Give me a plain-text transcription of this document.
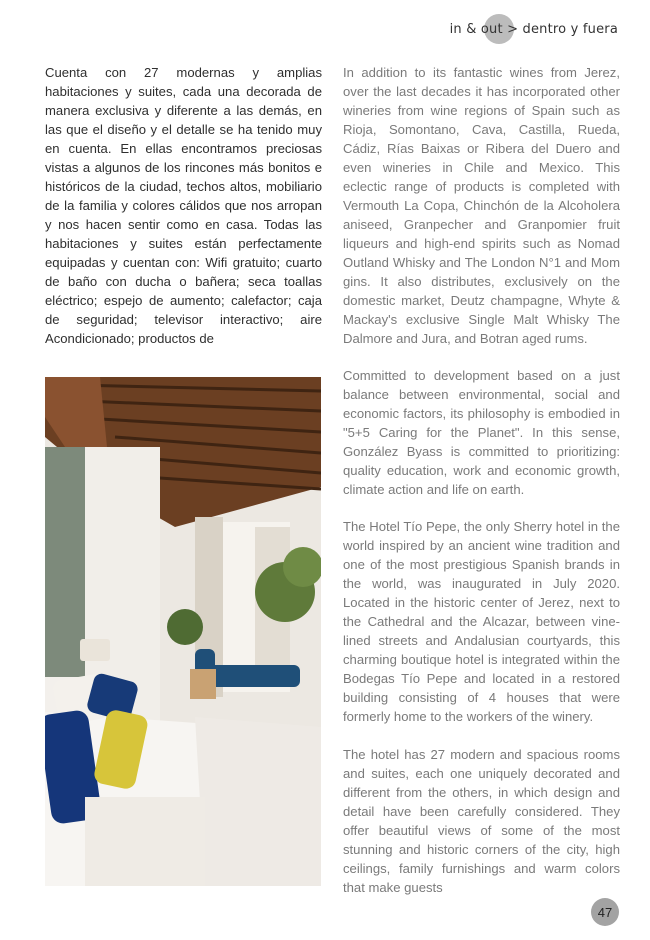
in & out > dentro y fuera

Cuenta con 27 modernas y amplias habitaciones y suites, cada una decorada de manera exclusiva y diferente a las demás, en las que el diseño y el detalle se ha tenido muy en cuenta. En ellas encontramos preciosas vistas a algunos de los rincones más bonitos e históricos de la ciudad, techos altos, mobiliario de la familia y colores cálidos que nos arropan y nos hacen sentir como en casa. Todas las habitaciones y suites están perfectamente equipadas y cuentan con: Wifi gratuito; cuarto de baño con ducha o bañera; seca toallas eléctrico; espejo de aumento; calefactor; caja de seguridad; televisor interactivo; aire Acondicionado; productos de

In addition to its fantastic wines from Jerez, over the last decades it has incorporated other wineries from wine regions of Spain such as Rioja, Somontano, Cava, Castilla, Rueda, Cádiz, Rías Baixas or Ribera del Duero and even wineries in Chile and Mexico. This eclectic range of products is completed with Vermouth La Copa, Chinchón de la Alcoholera aniseed, Granpecher and Granpomier fruit liqueurs and high-end spirits such as Nomad Outland Whisky and The London N°1 and Mom gins. It also distributes, exclusively on the domestic market, Deutz champagne, Whyte & Mackay's exclusive Single Malt Whisky The Dalmore and Jura, and Botran aged rums.

Committed to development based on a just balance between environmental, social and economic factors, its philosophy is embodied in "5+5 Caring for the Planet". In this sense, González Byass is committed to prioritizing: quality education, work and economic growth, climate action and life on earth.

The Hotel Tío Pepe, the only Sherry hotel in the world inspired by an ancient wine tradition and one of the most prestigious Spanish brands in the world, was inaugurated in July 2020. Located in the historic center of Jerez, next to the Cathedral and the Alcazar, between vine-lined streets and Andalusian courtyards, this charming boutique hotel is integrated within the Bodegas Tío Pepe and located in a restored building consisting of 4 houses that were formerly home to the workers of the winery.

The hotel has 27 modern and spacious rooms and suites, each one uniquely decorated and different from the others, in which design and detail have been carefully considered. They offer beautiful views of some of the most stunning and historic corners of the city, high ceilings, family furnishings and warm colors that make guests

47
